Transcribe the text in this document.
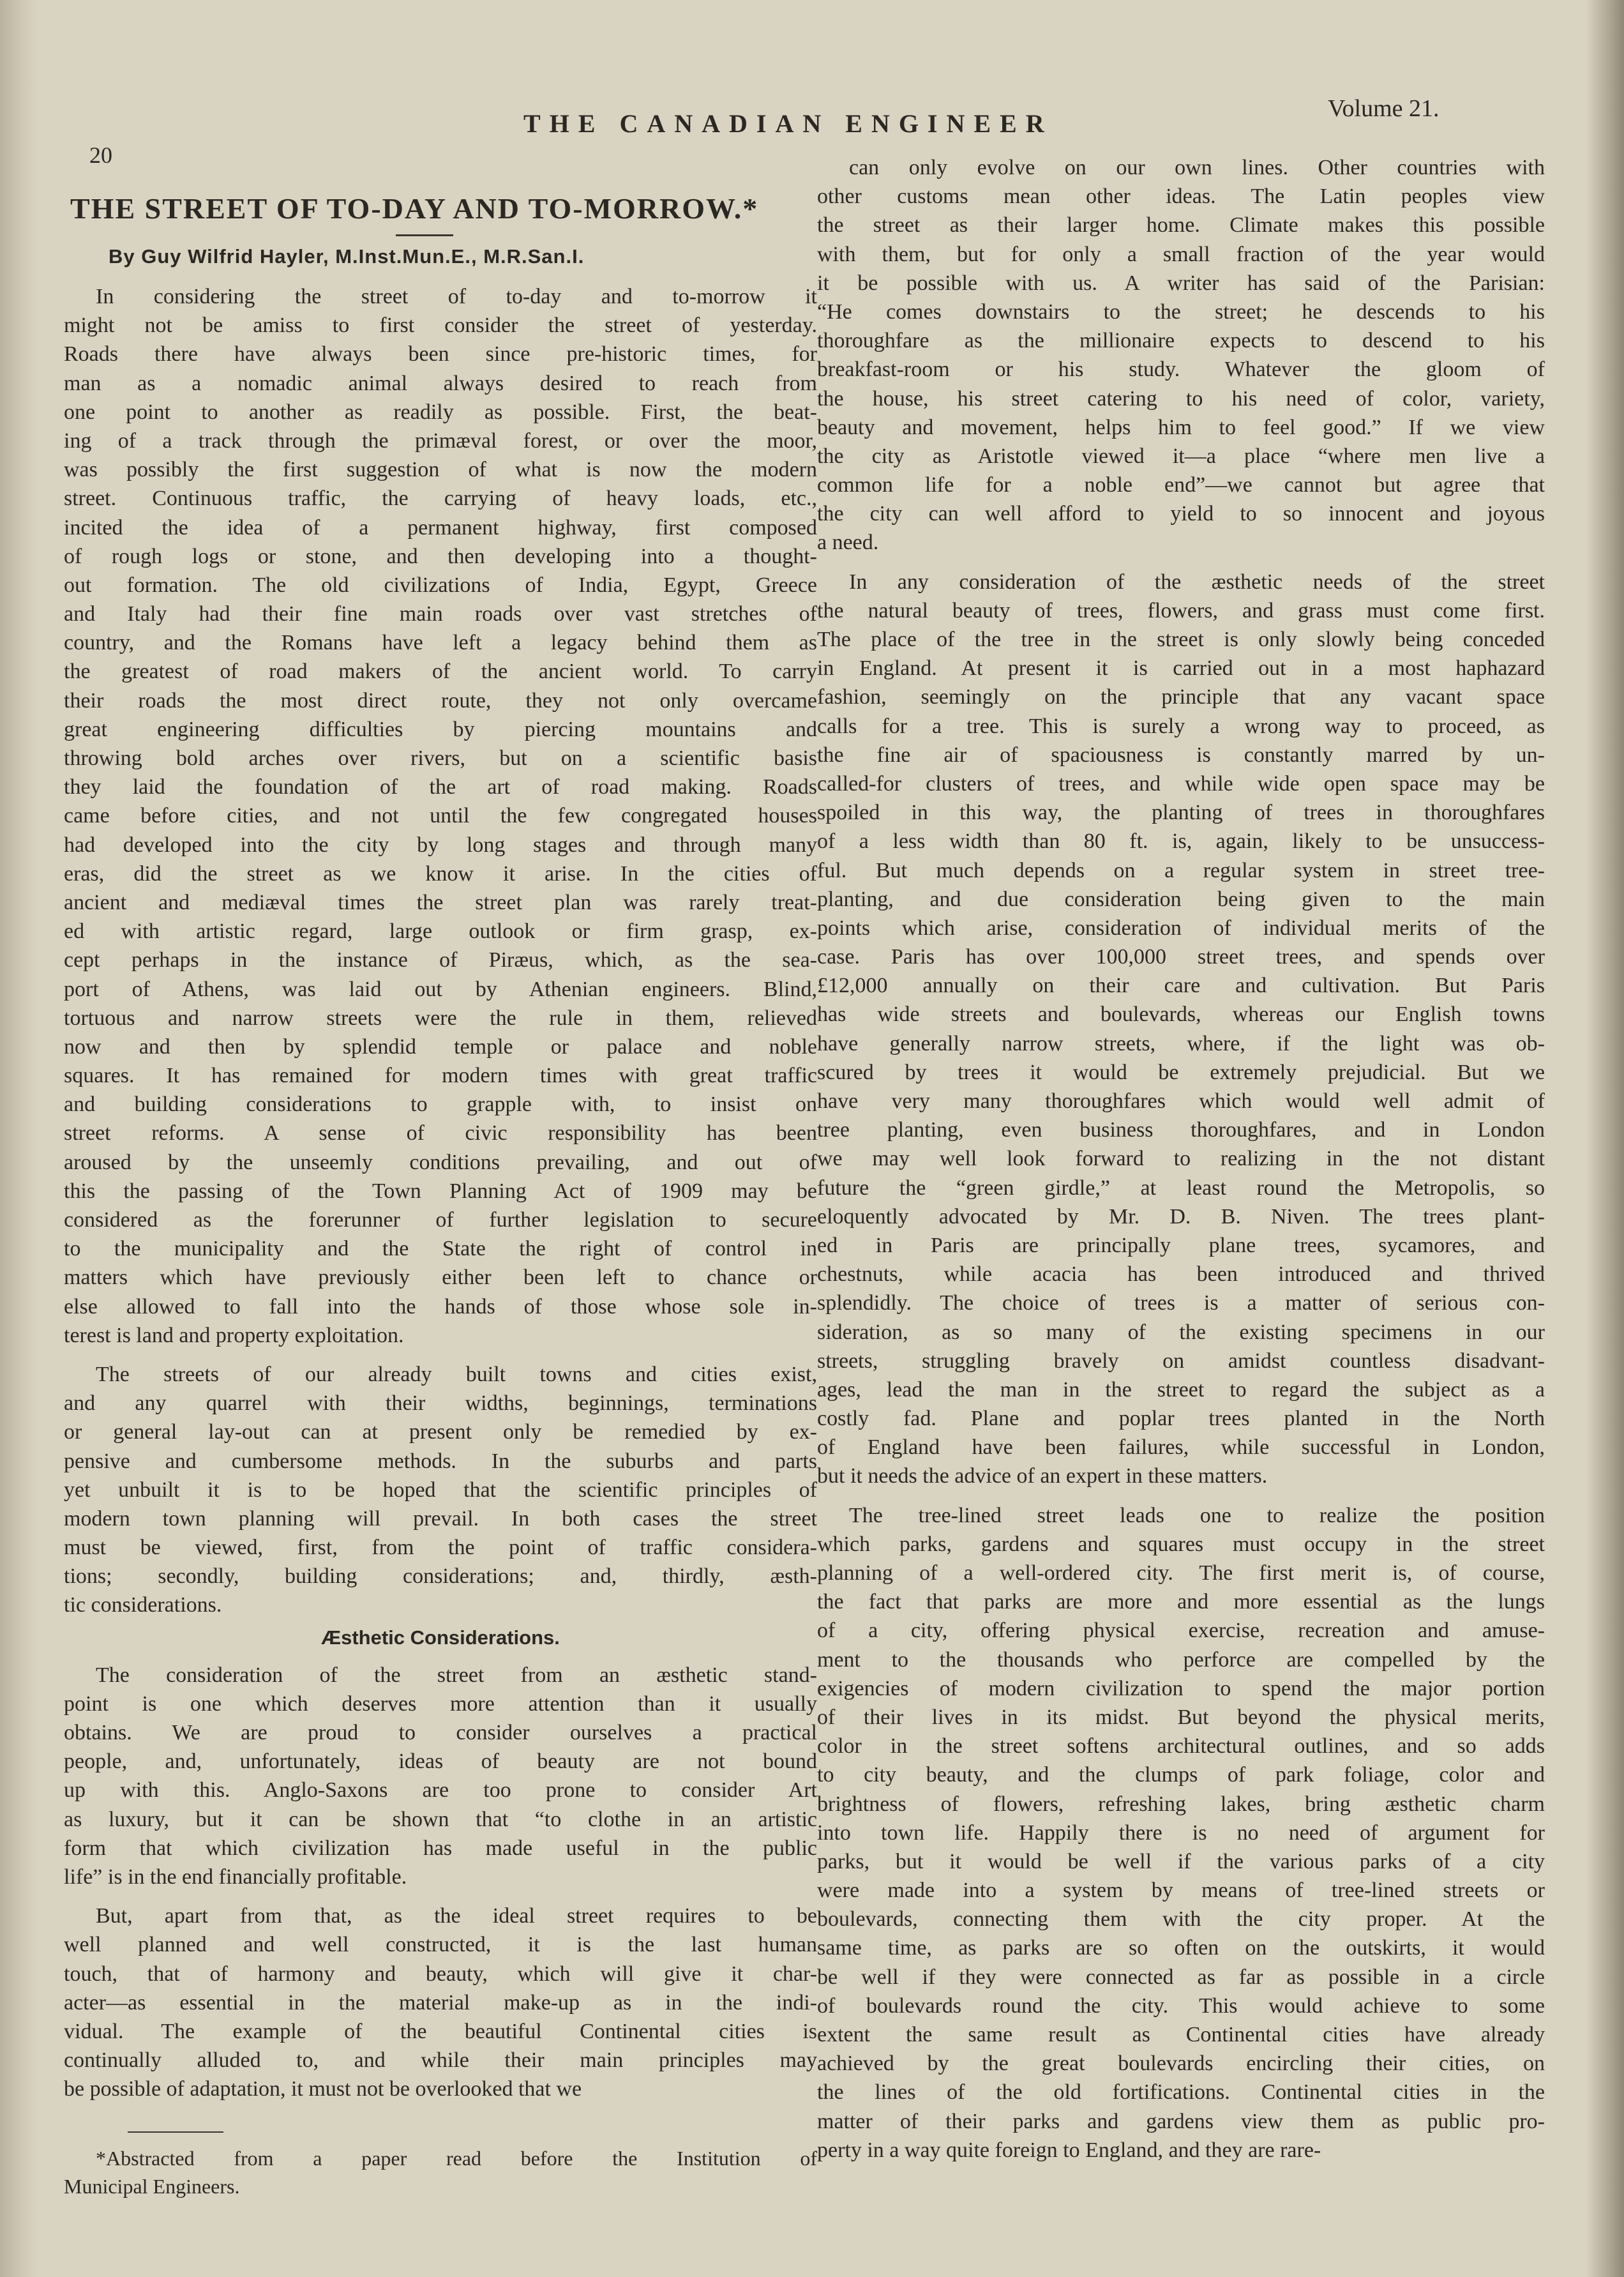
20
THE CANADIAN ENGINEER
Volume 21.
THE STREET OF TO-DAY AND TO-MORROW.*
By Guy Wilfrid Hayler, M.Inst.Mun.E., M.R.San.I.
In considering the street of to-day and to-morrow it
might not be amiss to first consider the street of yesterday.
Roads there have always been since pre-historic times, for
man as a nomadic animal always desired to reach from
one point to another as readily as possible. First, the beat-
ing of a track through the primæval forest, or over the moor,
was possibly the first suggestion of what is now the modern
street. Continuous traffic, the carrying of heavy loads, etc.,
incited the idea of a permanent highway, first composed
of rough logs or stone, and then developing into a thought-
out formation. The old civilizations of India, Egypt, Greece
and Italy had their fine main roads over vast stretches of
country, and the Romans have left a legacy behind them as
the greatest of road makers of the ancient world. To carry
their roads the most direct route, they not only overcame
great engineering difficulties by piercing mountains and
throwing bold arches over rivers, but on a scientific basis
they laid the foundation of the art of road making. Roads
came before cities, and not until the few congregated houses
had developed into the city by long stages and through many
eras, did the street as we know it arise. In the cities of
ancient and mediæval times the street plan was rarely treat-
ed with artistic regard, large outlook or firm grasp, ex-
cept perhaps in the instance of Piræus, which, as the sea-
port of Athens, was laid out by Athenian engineers. Blind,
tortuous and narrow streets were the rule in them, relieved
now and then by splendid temple or palace and noble
squares. It has remained for modern times with great traffic
and building considerations to grapple with, to insist on
street reforms. A sense of civic responsibility has been
aroused by the unseemly conditions prevailing, and out of
this the passing of the Town Planning Act of 1909 may be
considered as the forerunner of further legislation to secure
to the municipality and the State the right of control in
matters which have previously either been left to chance or
else allowed to fall into the hands of those whose sole in-
terest is land and property exploitation.
The streets of our already built towns and cities exist,
and any quarrel with their widths, beginnings, terminations
or general lay-out can at present only be remedied by ex-
pensive and cumbersome methods. In the suburbs and parts
yet unbuilt it is to be hoped that the scientific principles of
modern town planning will prevail. In both cases the street
must be viewed, first, from the point of traffic considera-
tions; secondly, building considerations; and, thirdly, æsth-
tic considerations.
Æsthetic Considerations.
The consideration of the street from an æsthetic stand-
point is one which deserves more attention than it usually
obtains. We are proud to consider ourselves a practical
people, and, unfortunately, ideas of beauty are not bound
up with this. Anglo-Saxons are too prone to consider Art
as luxury, but it can be shown that “to clothe in an artistic
form that which civilization has made useful in the public
life” is in the end financially profitable.
But, apart from that, as the ideal street requires to be
well planned and well constructed, it is the last human
touch, that of harmony and beauty, which will give it char-
acter—as essential in the material make-up as in the indi-
vidual. The example of the beautiful Continental cities is
continually alluded to, and while their main principles may
be possible of adaptation, it must not be overlooked that we
*Abstracted from a paper read before the Institution of
Municipal Engineers.
can only evolve on our own lines. Other countries with
other customs mean other ideas. The Latin peoples view
the street as their larger home. Climate makes this possible
with them, but for only a small fraction of the year would
it be possible with us. A writer has said of the Parisian:
“He comes downstairs to the street; he descends to his
thoroughfare as the millionaire expects to descend to his
breakfast-room or his study. Whatever the gloom of
the house, his street catering to his need of color, variety,
beauty and movement, helps him to feel good.” If we view
the city as Aristotle viewed it—a place “where men live a
common life for a noble end”—we cannot but agree that
the city can well afford to yield to so innocent and joyous
a need.
In any consideration of the æsthetic needs of the street
the natural beauty of trees, flowers, and grass must come first.
The place of the tree in the street is only slowly being conceded
in England. At present it is carried out in a most haphazard
fashion, seemingly on the principle that any vacant space
calls for a tree. This is surely a wrong way to proceed, as
the fine air of spaciousness is constantly marred by un-
called-for clusters of trees, and while wide open space may be
spoiled in this way, the planting of trees in thoroughfares
of a less width than 80 ft. is, again, likely to be unsuccess-
ful. But much depends on a regular system in street tree-
planting, and due consideration being given to the main
points which arise, consideration of individual merits of the
case. Paris has over 100,000 street trees, and spends over
£12,000 annually on their care and cultivation. But Paris
has wide streets and boulevards, whereas our English towns
have generally narrow streets, where, if the light was ob-
scured by trees it would be extremely prejudicial. But we
have very many thoroughfares which would well admit of
tree planting, even business thoroughfares, and in London
we may well look forward to realizing in the not distant
future the “green girdle,” at least round the Metropolis, so
eloquently advocated by Mr. D. B. Niven. The trees plant-
ed in Paris are principally plane trees, sycamores, and
chestnuts, while acacia has been introduced and thrived
splendidly. The choice of trees is a matter of serious con-
sideration, as so many of the existing specimens in our
streets, struggling bravely on amidst countless disadvant-
ages, lead the man in the street to regard the subject as a
costly fad. Plane and poplar trees planted in the North
of England have been failures, while successful in London,
but it needs the advice of an expert in these matters.
The tree-lined street leads one to realize the position
which parks, gardens and squares must occupy in the street
planning of a well-ordered city. The first merit is, of course,
the fact that parks are more and more essential as the lungs
of a city, offering physical exercise, recreation and amuse-
ment to the thousands who perforce are compelled by the
exigencies of modern civilization to spend the major portion
of their lives in its midst. But beyond the physical merits,
color in the street softens architectural outlines, and so adds
to city beauty, and the clumps of park foliage, color and
brightness of flowers, refreshing lakes, bring æsthetic charm
into town life. Happily there is no need of argument for
parks, but it would be well if the various parks of a city
were made into a system by means of tree-lined streets or
boulevards, connecting them with the city proper. At the
same time, as parks are so often on the outskirts, it would
be well if they were connected as far as possible in a circle
of boulevards round the city. This would achieve to some
extent the same result as Continental cities have already
achieved by the great boulevards encircling their cities, on
the lines of the old fortifications. Continental cities in the
matter of their parks and gardens view them as public pro-
perty in a way quite foreign to England, and they are rare-
